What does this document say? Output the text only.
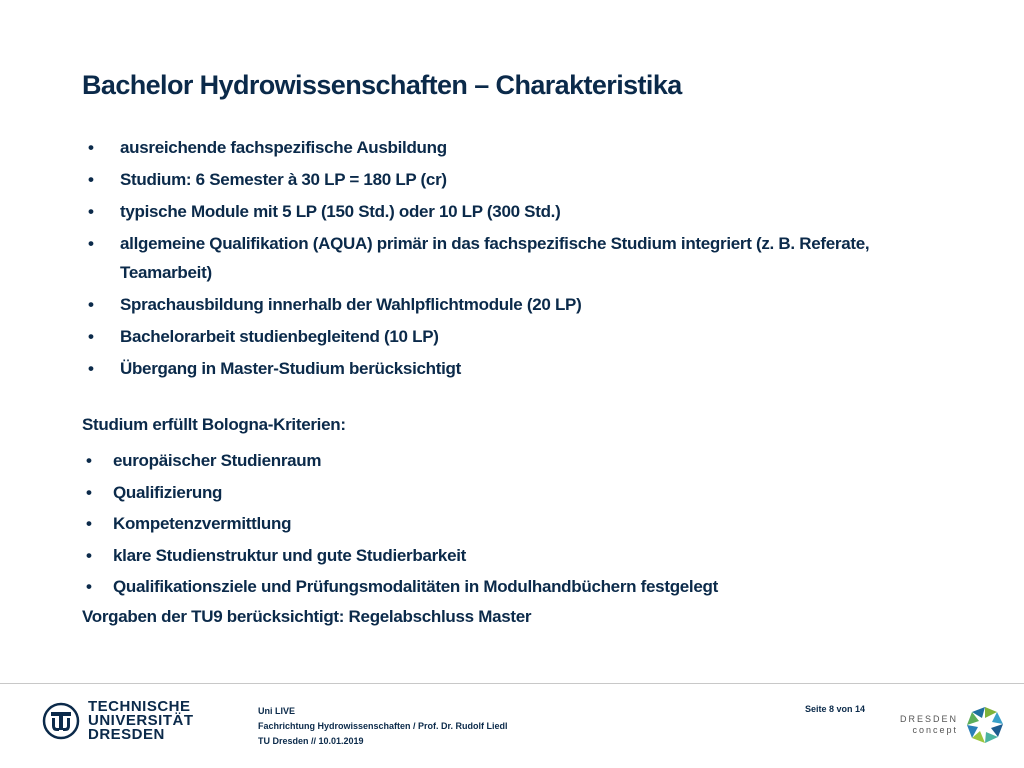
Bachelor Hydrowissenschaften – Charakteristika
• ausreichende fachspezifische Ausbildung
• Studium: 6 Semester à 30 LP = 180 LP (cr)
• typische Module mit 5 LP (150 Std.) oder 10 LP (300 Std.)
• allgemeine Qualifikation (AQUA) primär in das fachspezifische Studium integriert (z. B. Referate, Teamarbeit)
• Sprachausbildung innerhalb der Wahlpflichtmodule (20 LP)
• Bachelorarbeit studienbegleitend (10 LP)
• Übergang in Master-Studium berücksichtigt
Studium erfüllt Bologna-Kriterien:
• europäischer Studienraum
• Qualifizierung
• Kompetenzvermittlung
• klare Studienstruktur und gute Studierbarkeit
• Qualifikationsziele und Prüfungsmodalitäten in Modulhandbüchern festgelegt
Vorgaben der TU9 berücksichtigt: Regelabschluss Master
TECHNISCHE
UNIVERSITÄT
DRESDEN
Uni LIVE
Fachrichtung Hydrowissenschaften / Prof. Dr. Rudolf Liedl
TU Dresden // 10.01.2019
Seite 8 von 14
DRESDEN
concept
